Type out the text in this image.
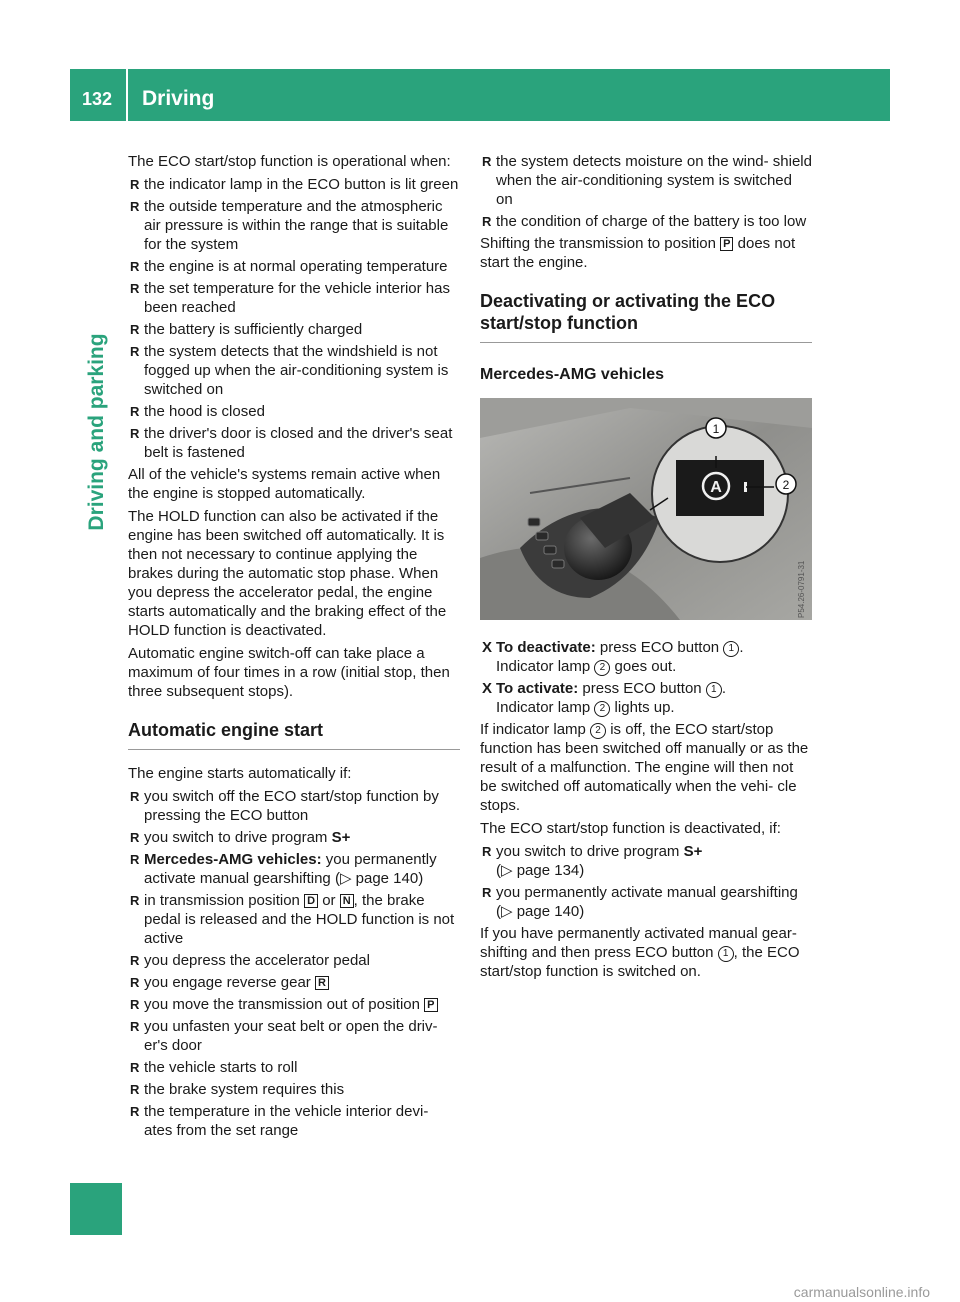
132 Driving
Driving and parking

The ECO start/stop function is operational when:

R the indicator lamp in the ECO button is lit green
R the outside temperature and the atmospheric air pressure is within the range that is suitable for the system
R the engine is at normal operating temperature
R the set temperature for the vehicle interior has been reached
R the battery is sufficiently charged
R the system detects that the windshield is not fogged up when the air-conditioning system is switched on
R the hood is closed
R the driver's door is closed and the driver's seat belt is fastened

All of the vehicle's systems remain active when the engine is stopped automatically.

The HOLD function can also be activated if the engine has been switched off automatically. It is then not necessary to continue applying the brakes during the automatic stop phase. When you depress the accelerator pedal, the engine starts automatically and the braking effect of the HOLD function is deactivated.

Automatic engine switch-off can take place a maximum of four times in a row (initial stop, then three subsequent stops).

Automatic engine start

The engine starts automatically if:

R you switch off the ECO start/stop function by pressing the ECO button
R you switch to drive program S+
R Mercedes-AMG vehicles: you permanently activate manual gearshifting (▷ page 140)
R in transmission position D or N , the brake pedal is released and the HOLD function is not active
R you depress the accelerator pedal
R you engage reverse gear R
R you move the transmission out of position P
R you unfasten your seat belt or open the driv- er's door
R the vehicle starts to roll
R the brake system requires this
R the temperature in the vehicle interior devi- ates from the set range
R the system detects moisture on the wind- shield when the air-conditioning system is switched on
R the condition of charge of the battery is too low

Shifting the transmission to position P does not start the engine.

Deactivating or activating the ECO start/stop function
Mercedes-AMG vehicles
A
1
2
P54.26-0791-31
X To deactivate: press ECO button 1 .
Indicator lamp 2 goes out.
X To activate: press ECO button 1 .
Indicator lamp 2 lights up.

If indicator lamp 2 is off, the ECO start/stop function has been switched off manually or as the result of a malfunction. The engine will then not be switched off automatically when the vehi- cle stops.

The ECO start/stop function is deactivated, if:

R you switch to drive program S+
(▷ page 134)
R you permanently activate manual gearshifting
(▷ page 140)

If you have permanently activated manual gear- shifting and then press ECO button 1 , the ECO start/stop function is switched on.

carmanualsonline.info
